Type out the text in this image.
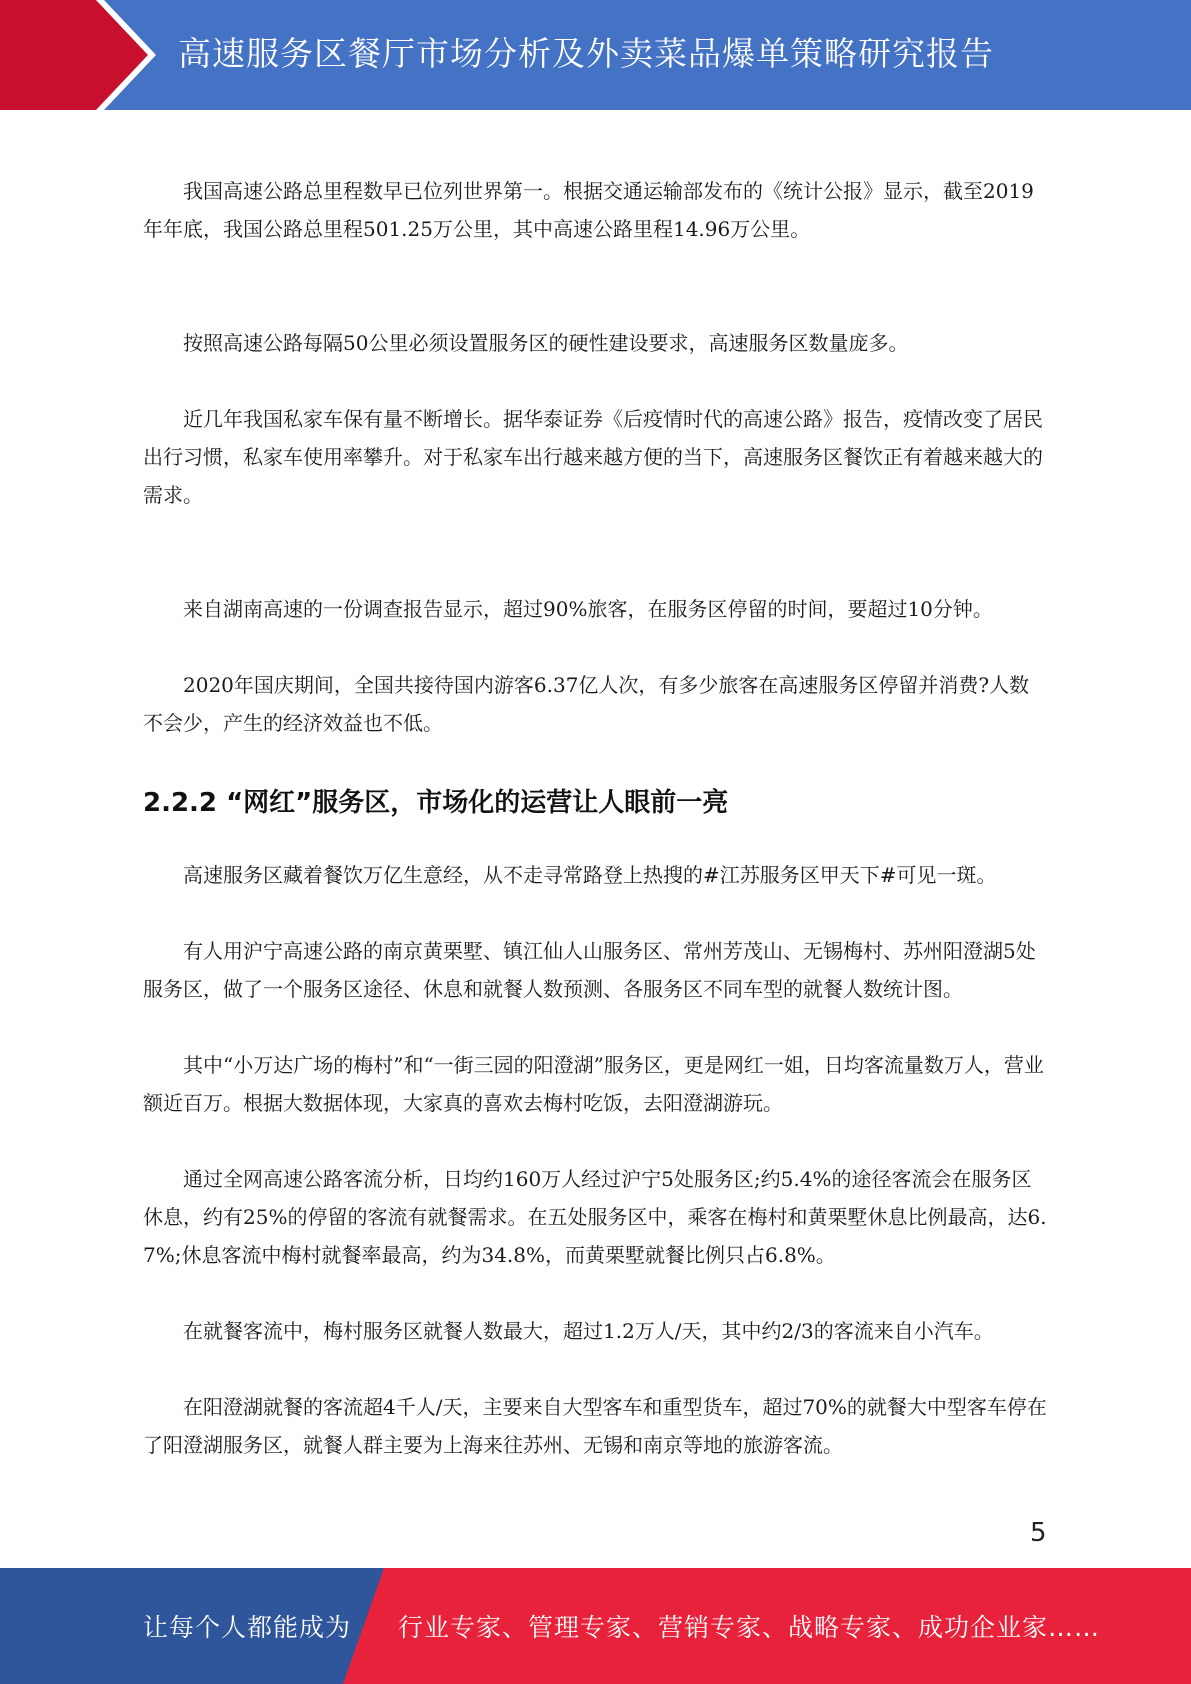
高速服务区餐厅市场分析及外卖菜品爆单策略研究报告

我国高速公路总里程数早已位列世界第一。根据交通运输部发布的《统计公报》显示，截至2019年年底，我国公路总里程501.25万公里，其中高速公路里程14.96万公里。

按照高速公路每隔50公里必须设置服务区的硬性建设要求，高速服务区数量庞多。

近几年我国私家车保有量不断增长。据华泰证券《后疫情时代的高速公路》报告，疫情改变了居民出行习惯，私家车使用率攀升。对于私家车出行越来越方便的当下，高速服务区餐饮正有着越来越大的需求。

来自湖南高速的一份调查报告显示，超过90%旅客，在服务区停留的时间，要超过10分钟。

2020年国庆期间，全国共接待国内游客6.37亿人次，有多少旅客在高速服务区停留并消费?人数不会少，产生的经济效益也不低。

2.2.2 “网红”服务区，市场化的运营让人眼前一亮

高速服务区藏着餐饮万亿生意经，从不走寻常路登上热搜的#江苏服务区甲天下#可见一斑。

有人用沪宁高速公路的南京黄栗墅、镇江仙人山服务区、常州芳茂山、无锡梅村、苏州阳澄湖5处服务区，做了一个服务区途径、休息和就餐人数预测、各服务区不同车型的就餐人数统计图。

其中“小万达广场的梅村”和“一街三园的阳澄湖”服务区，更是网红一姐，日均客流量数万人，营业额近百万。根据大数据体现，大家真的喜欢去梅村吃饭，去阳澄湖游玩。

通过全网高速公路客流分析，日均约160万人经过沪宁5处服务区;约5.4%的途径客流会在服务区休息，约有25%的停留的客流有就餐需求。在五处服务区中，乘客在梅村和黄栗墅休息比例最高，达6.7%;休息客流中梅村就餐率最高，约为34.8%，而黄栗墅就餐比例只占6.8%。

在就餐客流中，梅村服务区就餐人数最大，超过1.2万人/天，其中约2/3的客流来自小汽车。

在阳澄湖就餐的客流超4千人/天，主要来自大型客车和重型货车，超过70%的就餐大中型客车停在了阳澄湖服务区，就餐人群主要为上海来往苏州、无锡和南京等地的旅游客流。

5
让每个人都能成为 行业专家、管理专家、营销专家、战略专家、成功企业家……
